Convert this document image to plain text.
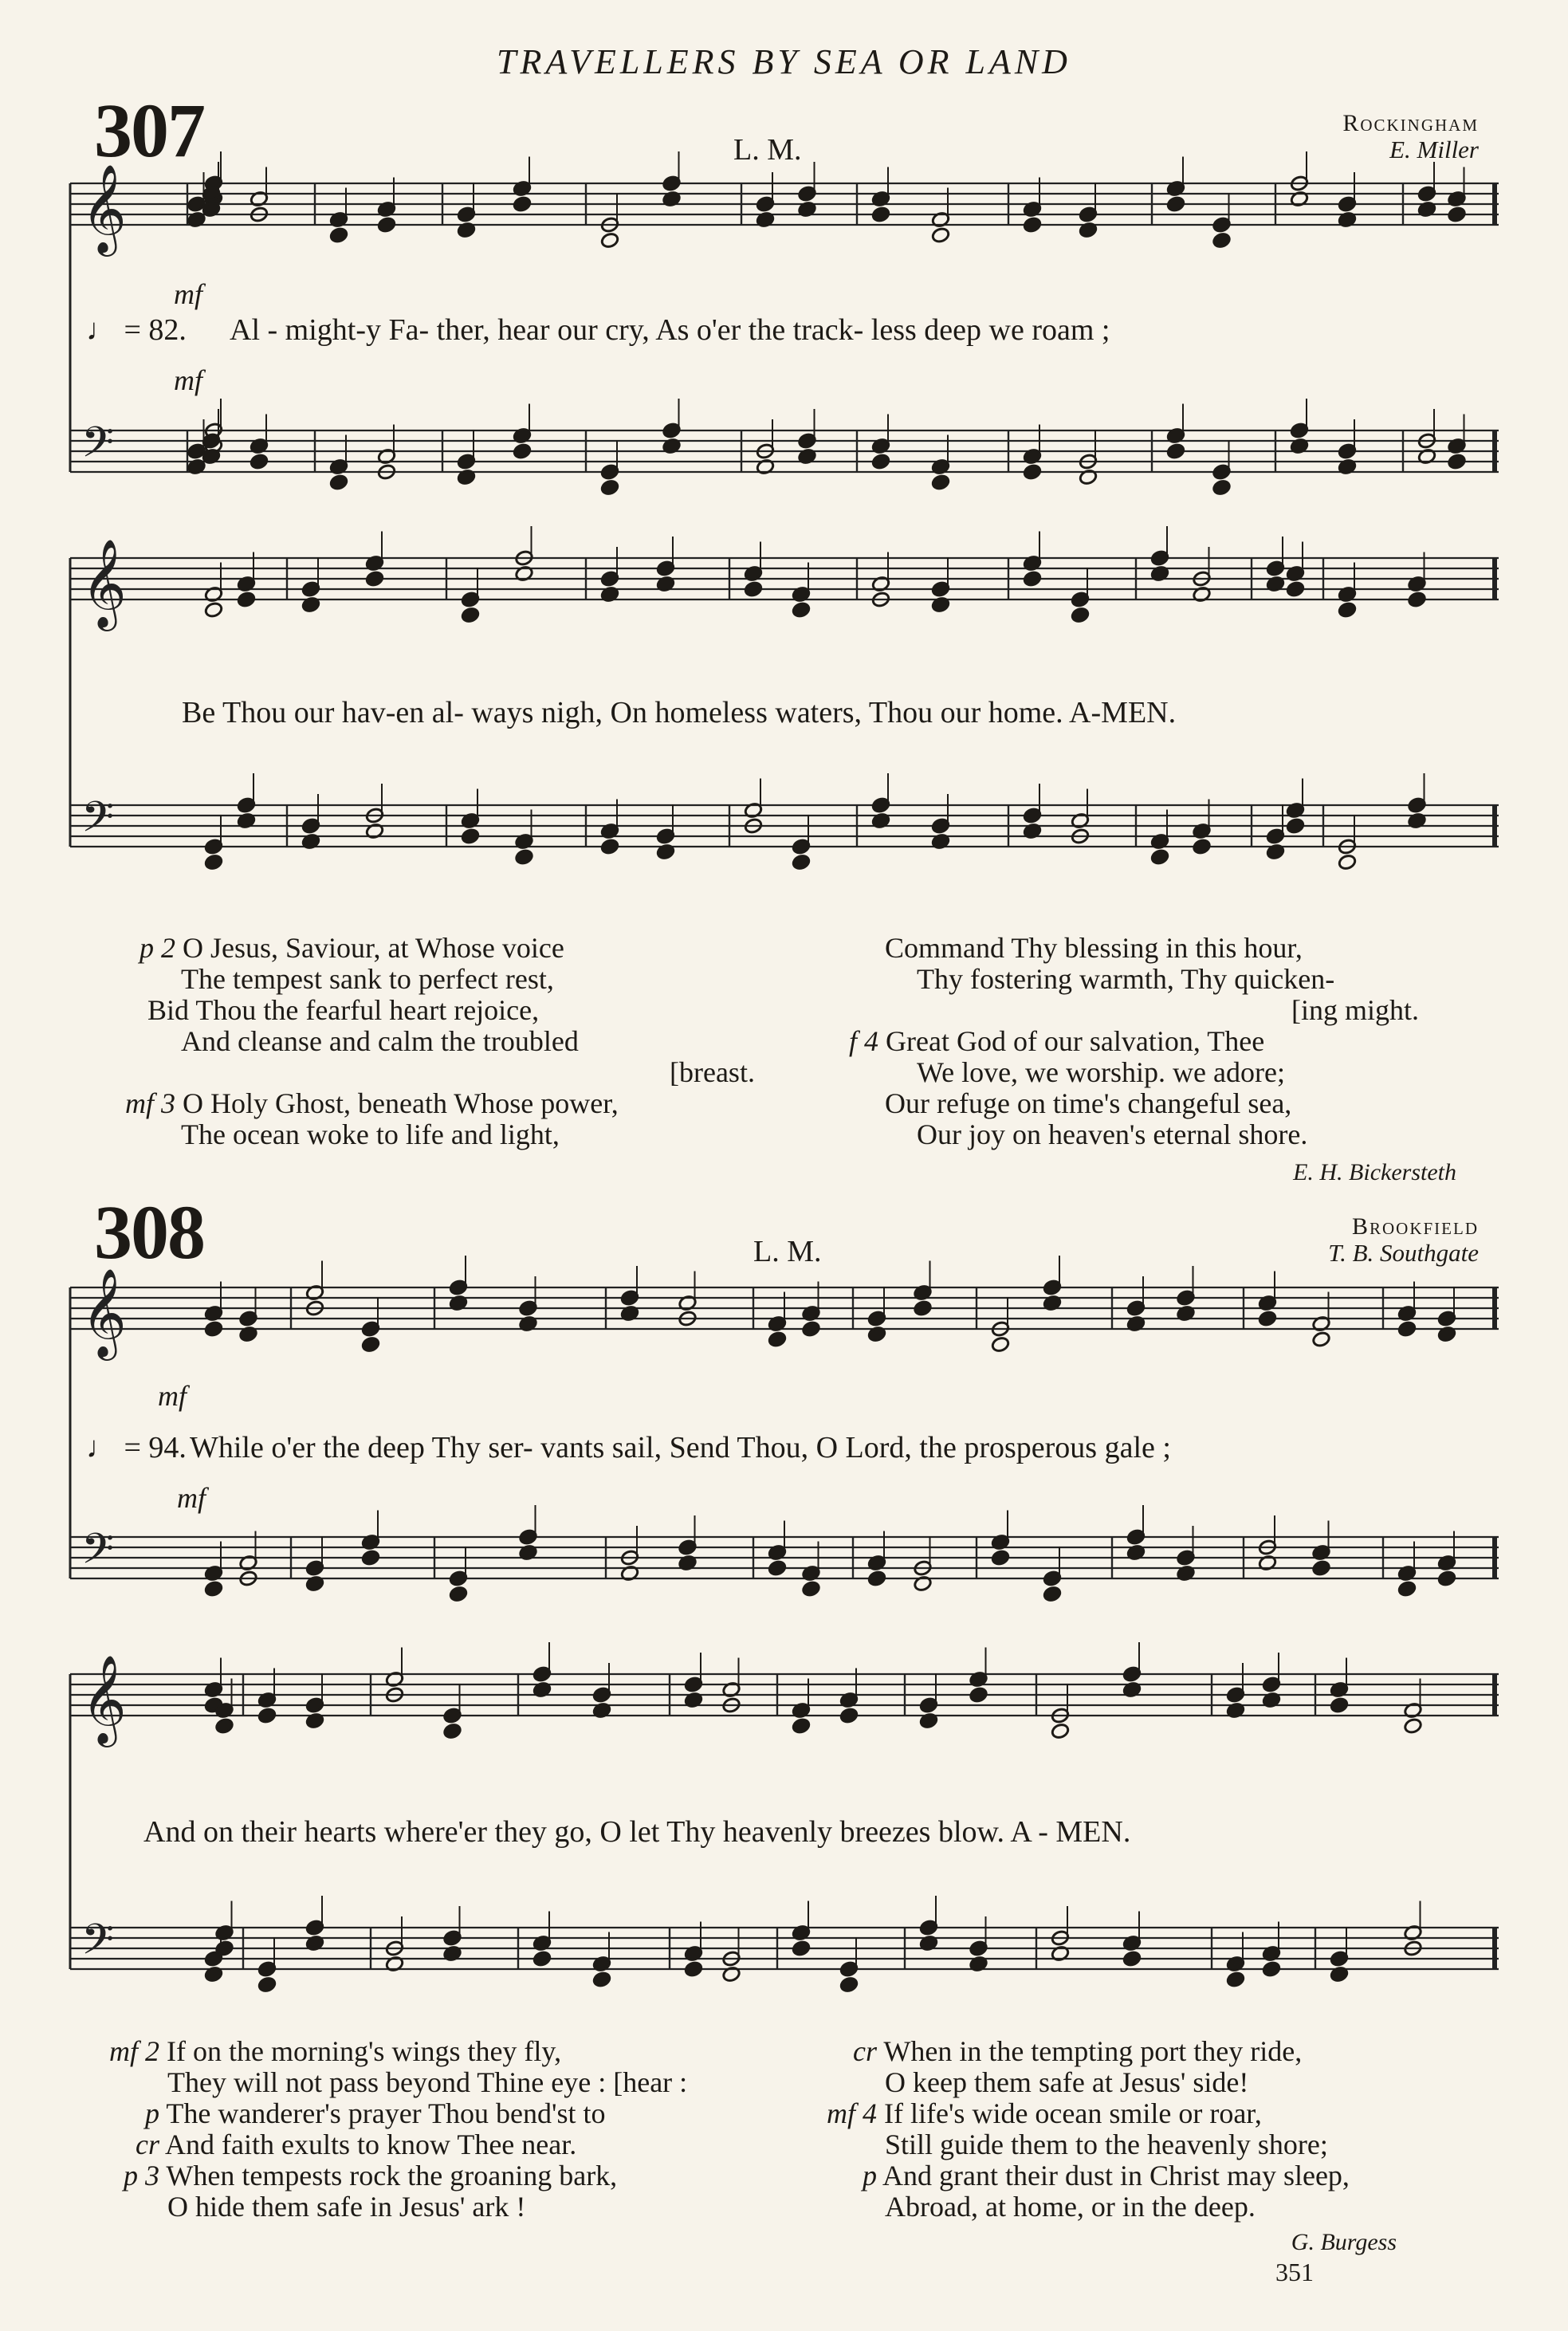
TRAVELLERS BY SEA OR LAND
307	L. M.
Rockingham
E. Miller
308	L. M.
Brookfield
T. B. Southgate
𝄞
𝄢
𝄞
𝄢
𝄞
𝄢
𝄞
𝄢
mf
♩ = 82. Al - might-y Fa- ther, hear our cry, As o'er the track- less deep we roam ;
mf
Be Thou our hav-en al- ways nigh, On homeless waters, Thou our home. A-MEN.
mf
♩ = 94. While o'er the deep Thy ser- vants sail, Send Thou, O Lord, the prosperous gale ;
mf
And on their hearts where'er they go, O let Thy heavenly breezes blow. A - MEN.
p 2 O Jesus, Saviour, at Whose voice
The tempest sank to perfect rest,
Bid Thou the fearful heart rejoice,
And cleanse and calm the troubled
[breast.
mf 3 O Holy Ghost, beneath Whose power,
The ocean woke to life and light,
Command Thy blessing in this hour,
Thy fostering warmth, Thy quicken-
[ing might.
f 4 Great God of our salvation, Thee
We love, we worship. we adore;
Our refuge on time's changeful sea,
Our joy on heaven's eternal shore.
E. H. Bickersteth
mf 2 If on the morning's wings they fly,
They will not pass beyond Thine eye : [hear :
p The wanderer's prayer Thou bend'st to
cr And faith exults to know Thee near.
p 3 When tempests rock the groaning bark,
O hide them safe in Jesus' ark !
cr When in the tempting port they ride,
O keep them safe at Jesus' side!
mf 4 If life's wide ocean smile or roar,
Still guide them to the heavenly shore;
p And grant their dust in Christ may sleep,
Abroad, at home, or in the deep.
G. Burgess
351
